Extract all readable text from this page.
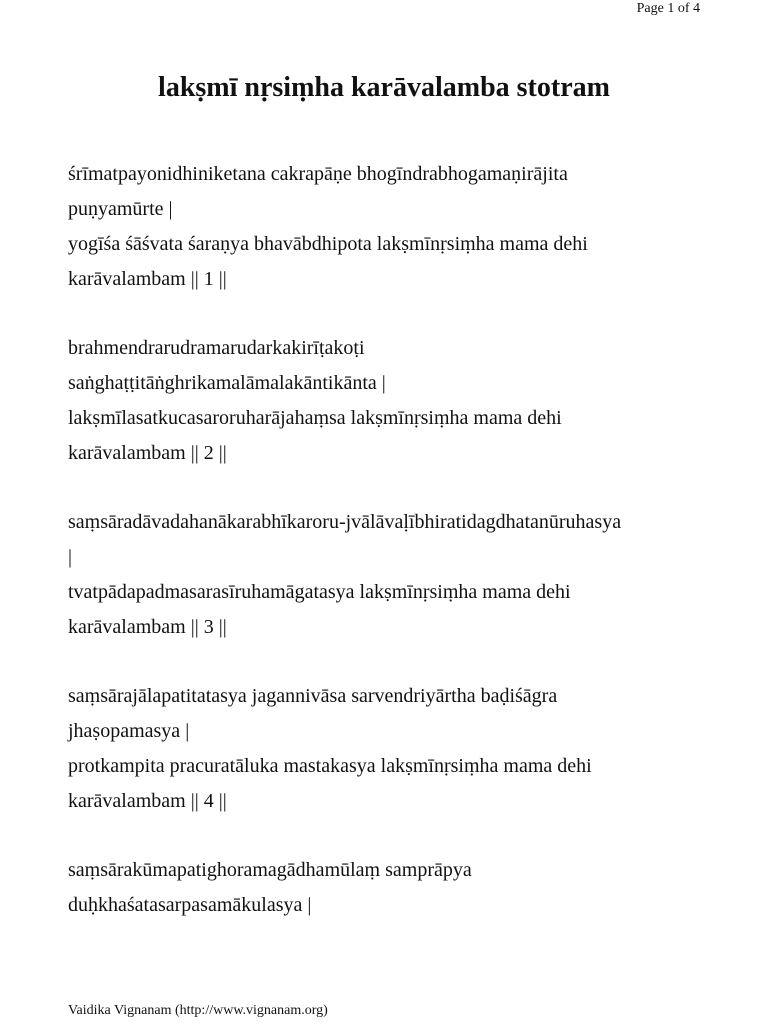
Page 1 of 4
lakṣmī nṛsiṃha karāvalamba stotram
śrīmatpayonidhiniketana cakrapāṇe bhogīndrabhogamaṇirājita
puṇyamūrte |
yogīśa śāśvata śaraṇya bhavābdhipota lakṣmīnṛsiṃha mama dehi
karāvalambam || 1 ||
brahmendrarudramarudarkakirīṭakoṭi
saṅghaṭṭitāṅghrikamalāmalakāntikānta |
lakṣmīlasatkucasaroruharājahaṃsa lakṣmīnṛsiṃha mama dehi
karāvalambam || 2 ||
saṃsāradāvadahanākarabhīkaroru-jvālāvaḷībhiratidagdhatanūruhasya
|
tvatpādapadmasarasīruhamāgatasya lakṣmīnṛsiṃha mama dehi
karāvalambam || 3 ||
saṃsārajālapatitatasya jagannivāsa sarvendriyārtha baḍiśāgra
jhaṣopamasya |
protkampita pracuratāluka mastakasya lakṣmīnṛsiṃha mama dehi
karāvalambam || 4 ||
saṃsārakūmapatighoramagādhamūlaṃ samprāpya
duḥkhaśatasarpasamākulasya |
Vaidika Vignanam (http://www.vignanam.org)
